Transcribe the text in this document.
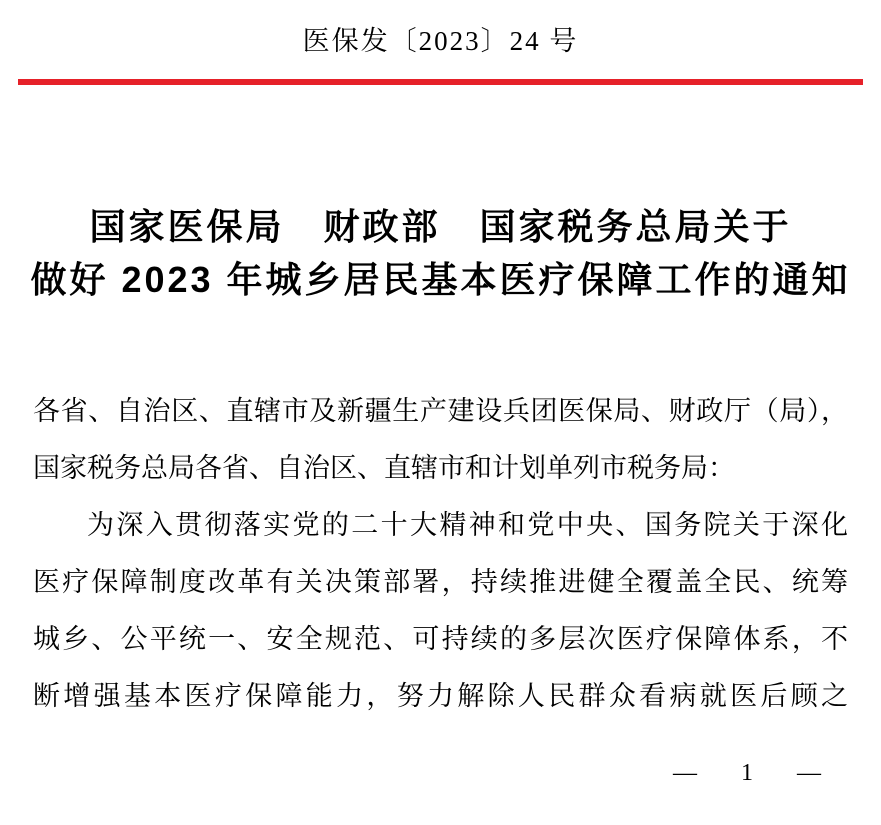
医保发〔2023〕24 号
国家医保局　财政部　国家税务总局关于
做好 2023 年城乡居民基本医疗保障工作的通知
各省、自治区、直辖市及新疆生产建设兵团医保局、财政厅（局），
国家税务总局各省、自治区、直辖市和计划单列市税务局：
为深入贯彻落实党的二十大精神和党中央、国务院关于深化
医疗保障制度改革有关决策部署，持续推进健全覆盖全民、统筹
城乡、公平统一、安全规范、可持续的多层次医疗保障体系，不
断增强基本医疗保障能力，努力解除人民群众看病就医后顾之

—  1  —
